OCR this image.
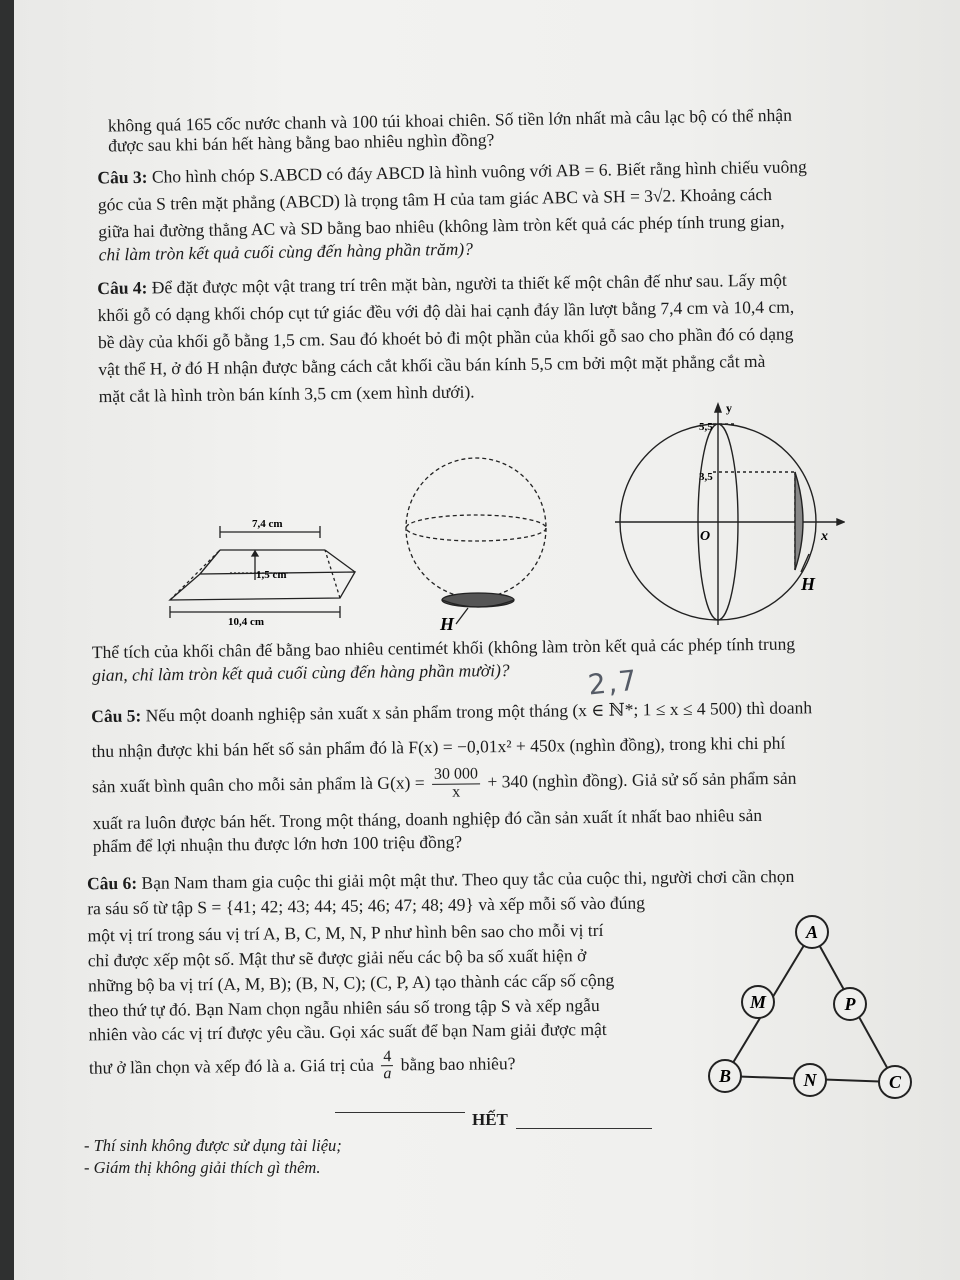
không quá 165 cốc nước chanh và 100 túi khoai chiên. Số tiền lớn nhất mà câu lạc bộ có thể nhận

được sau khi bán hết hàng bằng bao nhiêu nghìn đồng?

Câu 3: Cho hình chóp S.ABCD có đáy ABCD là hình vuông với AB = 6. Biết rằng hình chiếu vuông

góc của S trên mặt phẳng (ABCD) là trọng tâm H của tam giác ABC và SH = 3√2. Khoảng cách

giữa hai đường thẳng AC và SD bằng bao nhiêu (không làm tròn kết quả các phép tính trung gian,

chỉ làm tròn kết quả cuối cùng đến hàng phần trăm)?

Câu 4: Để đặt được một vật trang trí trên mặt bàn, người ta thiết kế một chân đế như sau. Lấy một

khối gỗ có dạng khối chóp cụt tứ giác đều với độ dài hai cạnh đáy lần lượt bằng 7,4 cm và 10,4 cm,

bề dày của khối gỗ bằng 1,5 cm. Sau đó khoét bỏ đi một phần của khối gỗ sao cho phần đó có dạng

vật thể H, ở đó H nhận được bằng cách cắt khối cầu bán kính 5,5 cm bởi một mặt phẳng cắt mà

mặt cắt là hình tròn bán kính 3,5 cm (xem hình dưới).

7,4 cm
1,5 cm
10,4 cm	H
y
x
O
5,5
3,5
H

Thể tích của khối chân đế bằng bao nhiêu centimét khối (không làm tròn kết quả các phép tính trung

gian, chỉ làm tròn kết quả cuối cùng đến hàng phần mười)?	2,7

Câu 5: Nếu một doanh nghiệp sản xuất x sản phẩm trong một tháng (x ∈ ℕ*; 1 ≤ x ≤ 4 500) thì doanh

thu nhận được khi bán hết số sản phẩm đó là F(x) = −0,01x² + 450x (nghìn đồng), trong khi chi phí

sản xuất bình quân cho mỗi sản phẩm là $G(x) = \frac{30 000}{x} + 340$ (nghìn đồng). Giả sử số sản phẩm sản

xuất ra luôn được bán hết. Trong một tháng, doanh nghiệp đó cần sản xuất ít nhất bao nhiêu sản

phẩm để lợi nhuận thu được lớn hơn 100 triệu đồng?

Câu 6: Bạn Nam tham gia cuộc thi giải một mật thư. Theo quy tắc của cuộc thi, người chơi cần chọn

ra sáu số từ tập S = {41; 42; 43; 44; 45; 46; 47; 48; 49} và xếp mỗi số vào đúng

một vị trí trong sáu vị trí A, B, C, M, N, P như hình bên sao cho mỗi vị trí

chỉ được xếp một số. Mật thư sẽ được giải nếu các bộ ba số xuất hiện ở

những bộ ba vị trí (A, M, B); (B, N, C); (C, P, A) tạo thành các cấp số cộng

theo thứ tự đó. Bạn Nam chọn ngẫu nhiên sáu số trong tập S và xếp ngẫu

nhiên vào các vị trí được yêu cầu. Gọi xác suất để bạn Nam giải được mật

thư ở lần chọn và xếp đó là a. Giá trị của $\frac{4}{a}$ bằng bao nhiêu?

A
M	P
B	N	C
HẾT
- Thí sinh không được sử dụng tài liệu;
- Giám thị không giải thích gì thêm.
